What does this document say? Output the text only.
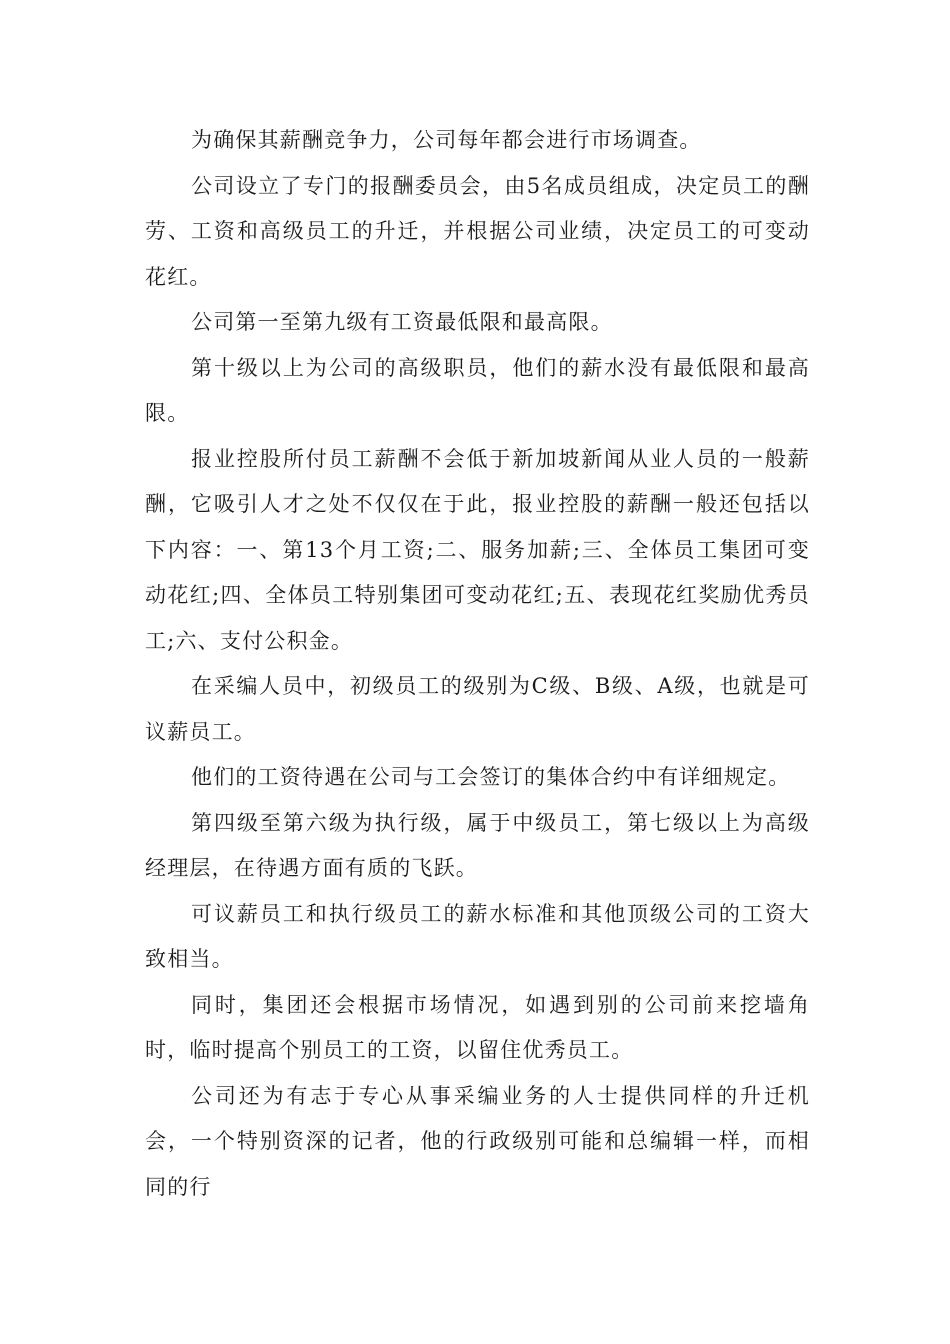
为确保其薪酬竞争力，公司每年都会进行市场调查。

公司设立了专门的报酬委员会，由5名成员组成，决定员工的酬劳、工资和高级员工的升迁，并根据公司业绩，决定员工的可变动花红。

公司第一至第九级有工资最低限和最高限。

第十级以上为公司的高级职员，他们的薪水没有最低限和最高限。

报业控股所付员工薪酬不会低于新加坡新闻从业人员的一般薪酬，它吸引人才之处不仅仅在于此，报业控股的薪酬一般还包括以下内容：一、第13个月工资;二、服务加薪;三、全体员工集团可变动花红;四、全体员工特别集团可变动花红;五、表现花红奖励优秀员工;六、支付公积金。

在采编人员中，初级员工的级别为C级、B级、A级，也就是可议薪员工。

他们的工资待遇在公司与工会签订的集体合约中有详细规定。

第四级至第六级为执行级，属于中级员工，第七级以上为高级经理层，在待遇方面有质的飞跃。

可议薪员工和执行级员工的薪水标准和其他顶级公司的工资大致相当。

同时，集团还会根据市场情况，如遇到别的公司前来挖墙角时，临时提高个别员工的工资，以留住优秀员工。

公司还为有志于专心从事采编业务的人士提供同样的升迁机会，一个特别资深的记者，他的行政级别可能和总编辑一样，而相同的行
